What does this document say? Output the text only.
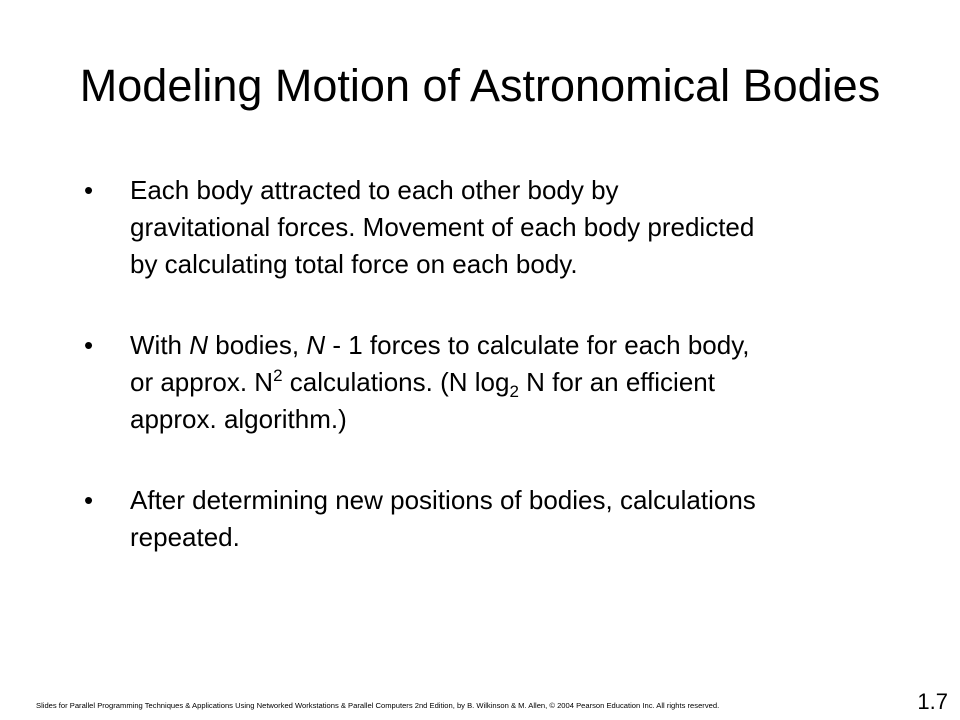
Modeling Motion of Astronomical Bodies
•	Each body attracted to each other body by
gravitational forces. Movement of each body predicted
by calculating total force on each body.
•	With N bodies, N - 1 forces to calculate for each body,
or approx. $N^2$ calculations. (N $\log_2 N$ for an efficient
approx. algorithm.)
•	After determining new positions of bodies, calculations
repeated.
Slides for Parallel Programming Techniques & Applications Using Networked Workstations & Parallel Computers 2nd Edition, by B. Wilkinson & M. Allen, © 2004 Pearson Education Inc. All rights reserved.	1.7
